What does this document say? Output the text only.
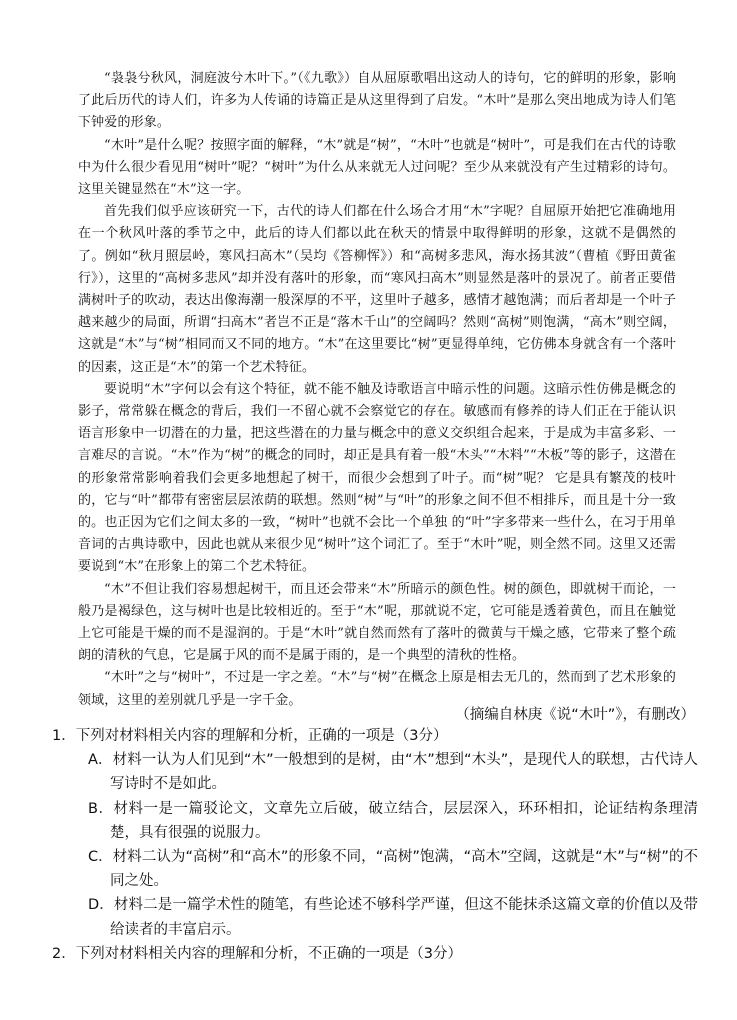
“袅袅兮秋风，洞庭波兮木叶下。”（《九歌》）自从屈原歌唱出这动人的诗句，它的鲜明的形象，影响了此后历代的诗人们，许多为人传诵的诗篇正是从这里得到了启发。“木叶”是那么突出地成为诗人们笔下钟爱的形象。

“木叶”是什么呢？按照字面的解释，“木”就是“树”，“木叶”也就是“树叶”，可是我们在古代的诗歌中为什么很少看见用“树叶”呢？“树叶”为什么从来就无人过问呢？至少从来就没有产生过精彩的诗句。这里关键显然在“木”这一字。

首先我们似乎应该研究一下，古代的诗人们都在什么场合才用“木”字呢？自屈原开始把它准确地用在一个秋风叶落的季节之中，此后的诗人们都以此在秋天的情景中取得鲜明的形象，这就不是偶然的了。例如“秋月照层岭，寒风扫高木”（吴均《答柳恽》）和“高树多悲风，海水扬其波”（曹植《野田黄雀行》），这里的“高树多悲风”却并没有落叶的形象，而“寒风扫高木”则显然是落叶的景况了。前者正要借满树叶子的吹动，表达出像海潮一般深厚的不平，这里叶子越多，感情才越饱满；而后者却是一个叶子越来越少的局面，所谓“扫高木”者岂不正是“落木千山”的空阔吗？然则“高树”则饱满，“高木”则空阔，这就是“木”与“树”相同而又不同的地方。“木”在这里要比“树”更显得单纯，它仿佛本身就含有一个落叶的因素，这正是“木”的第一个艺术特征。

要说明“木”字何以会有这个特征，就不能不触及诗歌语言中暗示性的问题。这暗示性仿佛是概念的影子，常常躲在概念的背后，我们一不留心就不会察觉它的存在。敏感而有修养的诗人们正在于能认识语言形象中一切潜在的力量，把这些潜在的力量与概念中的意义交织组合起来，于是成为丰富多彩、一言难尽的言说。“木”作为“树”的概念的同时，却正是具有着一般“木头”“木料”“木板”等的影子，这潜在的形象常常影响着我们会更多地想起了树干，而很少会想到了叶子。而“树”呢？ 它是具有繁茂的枝叶的，它与“叶”都带有密密层层浓荫的联想。然则“树”与“叶”的形象之间不但不相排斥，而且是十分一致的。也正因为它们之间太多的一致，“树叶”也就不会比一个单独 的“叶”字多带来一些什么，在习于用单音词的古典诗歌中，因此也就从来很少见“树叶”这个词汇了。至于“木叶”呢，则全然不同。这里又还需要说到“木”在形象上的第二个艺术特征。

“木”不但让我们容易想起树干，而且还会带来“木”所暗示的颜色性。树的颜色，即就树干而论，一般乃是褐绿色，这与树叶也是比较相近的。至于“木”呢，那就说不定，它可能是透着黄色，而且在触觉上它可能是干燥的而不是湿润的。于是“木叶”就自然而然有了落叶的微黄与干燥之感，它带来了整个疏朗的清秋的气息，它是属于风的而不是属于雨的，是一个典型的清秋的性格。

“木叶”之与“树叶”，不过是一字之差。“木”与“树”在概念上原是相去无几的，然而到了艺术形象的领域，这里的差别就几乎是一字千金。

（摘编自林庚《说“木叶”》，有删改）

1．下列对材料相关内容的理解和分析，正确的一项是（3分）

A．材料一认为人们见到“木”一般想到的是树，由“木”想到“木头”，是现代人的联想，古代诗人写诗时不是如此。

B．材料一是一篇驳论文，文章先立后破，破立结合，层层深入，环环相扣，论证结构条理清楚，具有很强的说服力。

C．材料二认为“高树”和“高木”的形象不同，“高树”饱满，“高木”空阔，这就是“木”与“树”的不同之处。

D．材料二是一篇学术性的随笔，有些论述不够科学严谨，但这不能抹杀这篇文章的价值以及带给读者的丰富启示。

2．下列对材料相关内容的理解和分析，不正确的一项是（3分）
